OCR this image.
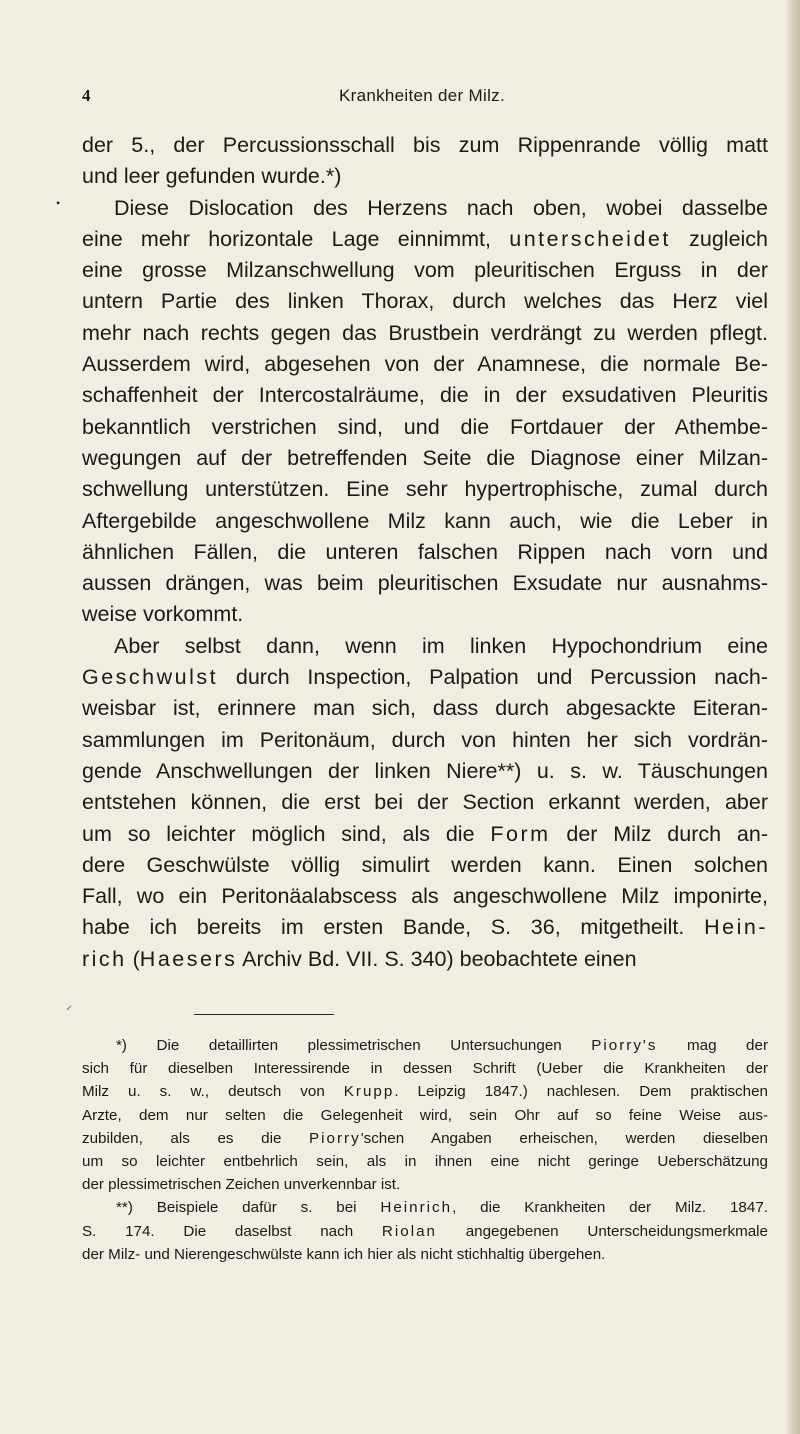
4	Krankheiten der Milz.
•
der 5., der Percussionsschall bis zum Rippenrande völlig matt
und leer gefunden wurde.*)
Diese Dislocation des Herzens nach oben, wobei dasselbe
eine mehr horizontale Lage einnimmt, unterscheidet zugleich
eine grosse Milzanschwellung vom pleuritischen Erguss in der
untern Partie des linken Thorax, durch welches das Herz viel
mehr nach rechts gegen das Brustbein verdrängt zu werden pflegt.
Ausserdem wird, abgesehen von der Anamnese, die normale Be-
schaffenheit der Intercostalräume, die in der exsudativen Pleuritis
bekanntlich verstrichen sind, und die Fortdauer der Athembe-
wegungen auf der betreffenden Seite die Diagnose einer Milzan-
schwellung unterstützen. Eine sehr hypertrophische, zumal durch
Aftergebilde angeschwollene Milz kann auch, wie die Leber in
ähnlichen Fällen, die unteren falschen Rippen nach vorn und
aussen drängen, was beim pleuritischen Exsudate nur ausnahms-
weise vorkommt.
Aber selbst dann, wenn im linken Hypochondrium eine
Geschwulst durch Inspection, Palpation und Percussion nach-
weisbar ist, erinnere man sich, dass durch abgesackte Eiteran-
sammlungen im Peritonäum, durch von hinten her sich vordrän-
gende Anschwellungen der linken Niere**) u. s. w. Täuschungen
entstehen können, die erst bei der Section erkannt werden, aber
um so leichter möglich sind, als die Form der Milz durch an-
dere Geschwülste völlig simulirt werden kann. Einen solchen
Fall, wo ein Peritonäalabscess als angeschwollene Milz imponirte,
habe ich bereits im ersten Bande, S. 36, mitgetheilt. Hein-
rich (Haesers Archiv Bd. VII. S. 340) beobachtete einen
⸝
*) Die detaillirten plessimetrischen Untersuchungen Piorry's mag der
sich für dieselben Interessirende in dessen Schrift (Ueber die Krankheiten der
Milz u. s. w., deutsch von Krupp. Leipzig 1847.) nachlesen. Dem praktischen
Arzte, dem nur selten die Gelegenheit wird, sein Ohr auf so feine Weise aus-
zubilden, als es die Piorry'schen Angaben erheischen, werden dieselben
um so leichter entbehrlich sein, als in ihnen eine nicht geringe Ueberschätzung
der plessimetrischen Zeichen unverkennbar ist.
**) Beispiele dafür s. bei Heinrich, die Krankheiten der Milz. 1847.
S. 174. Die daselbst nach Riolan angegebenen Unterscheidungsmerkmale
der Milz- und Nierengeschwülste kann ich hier als nicht stichhaltig übergehen.
